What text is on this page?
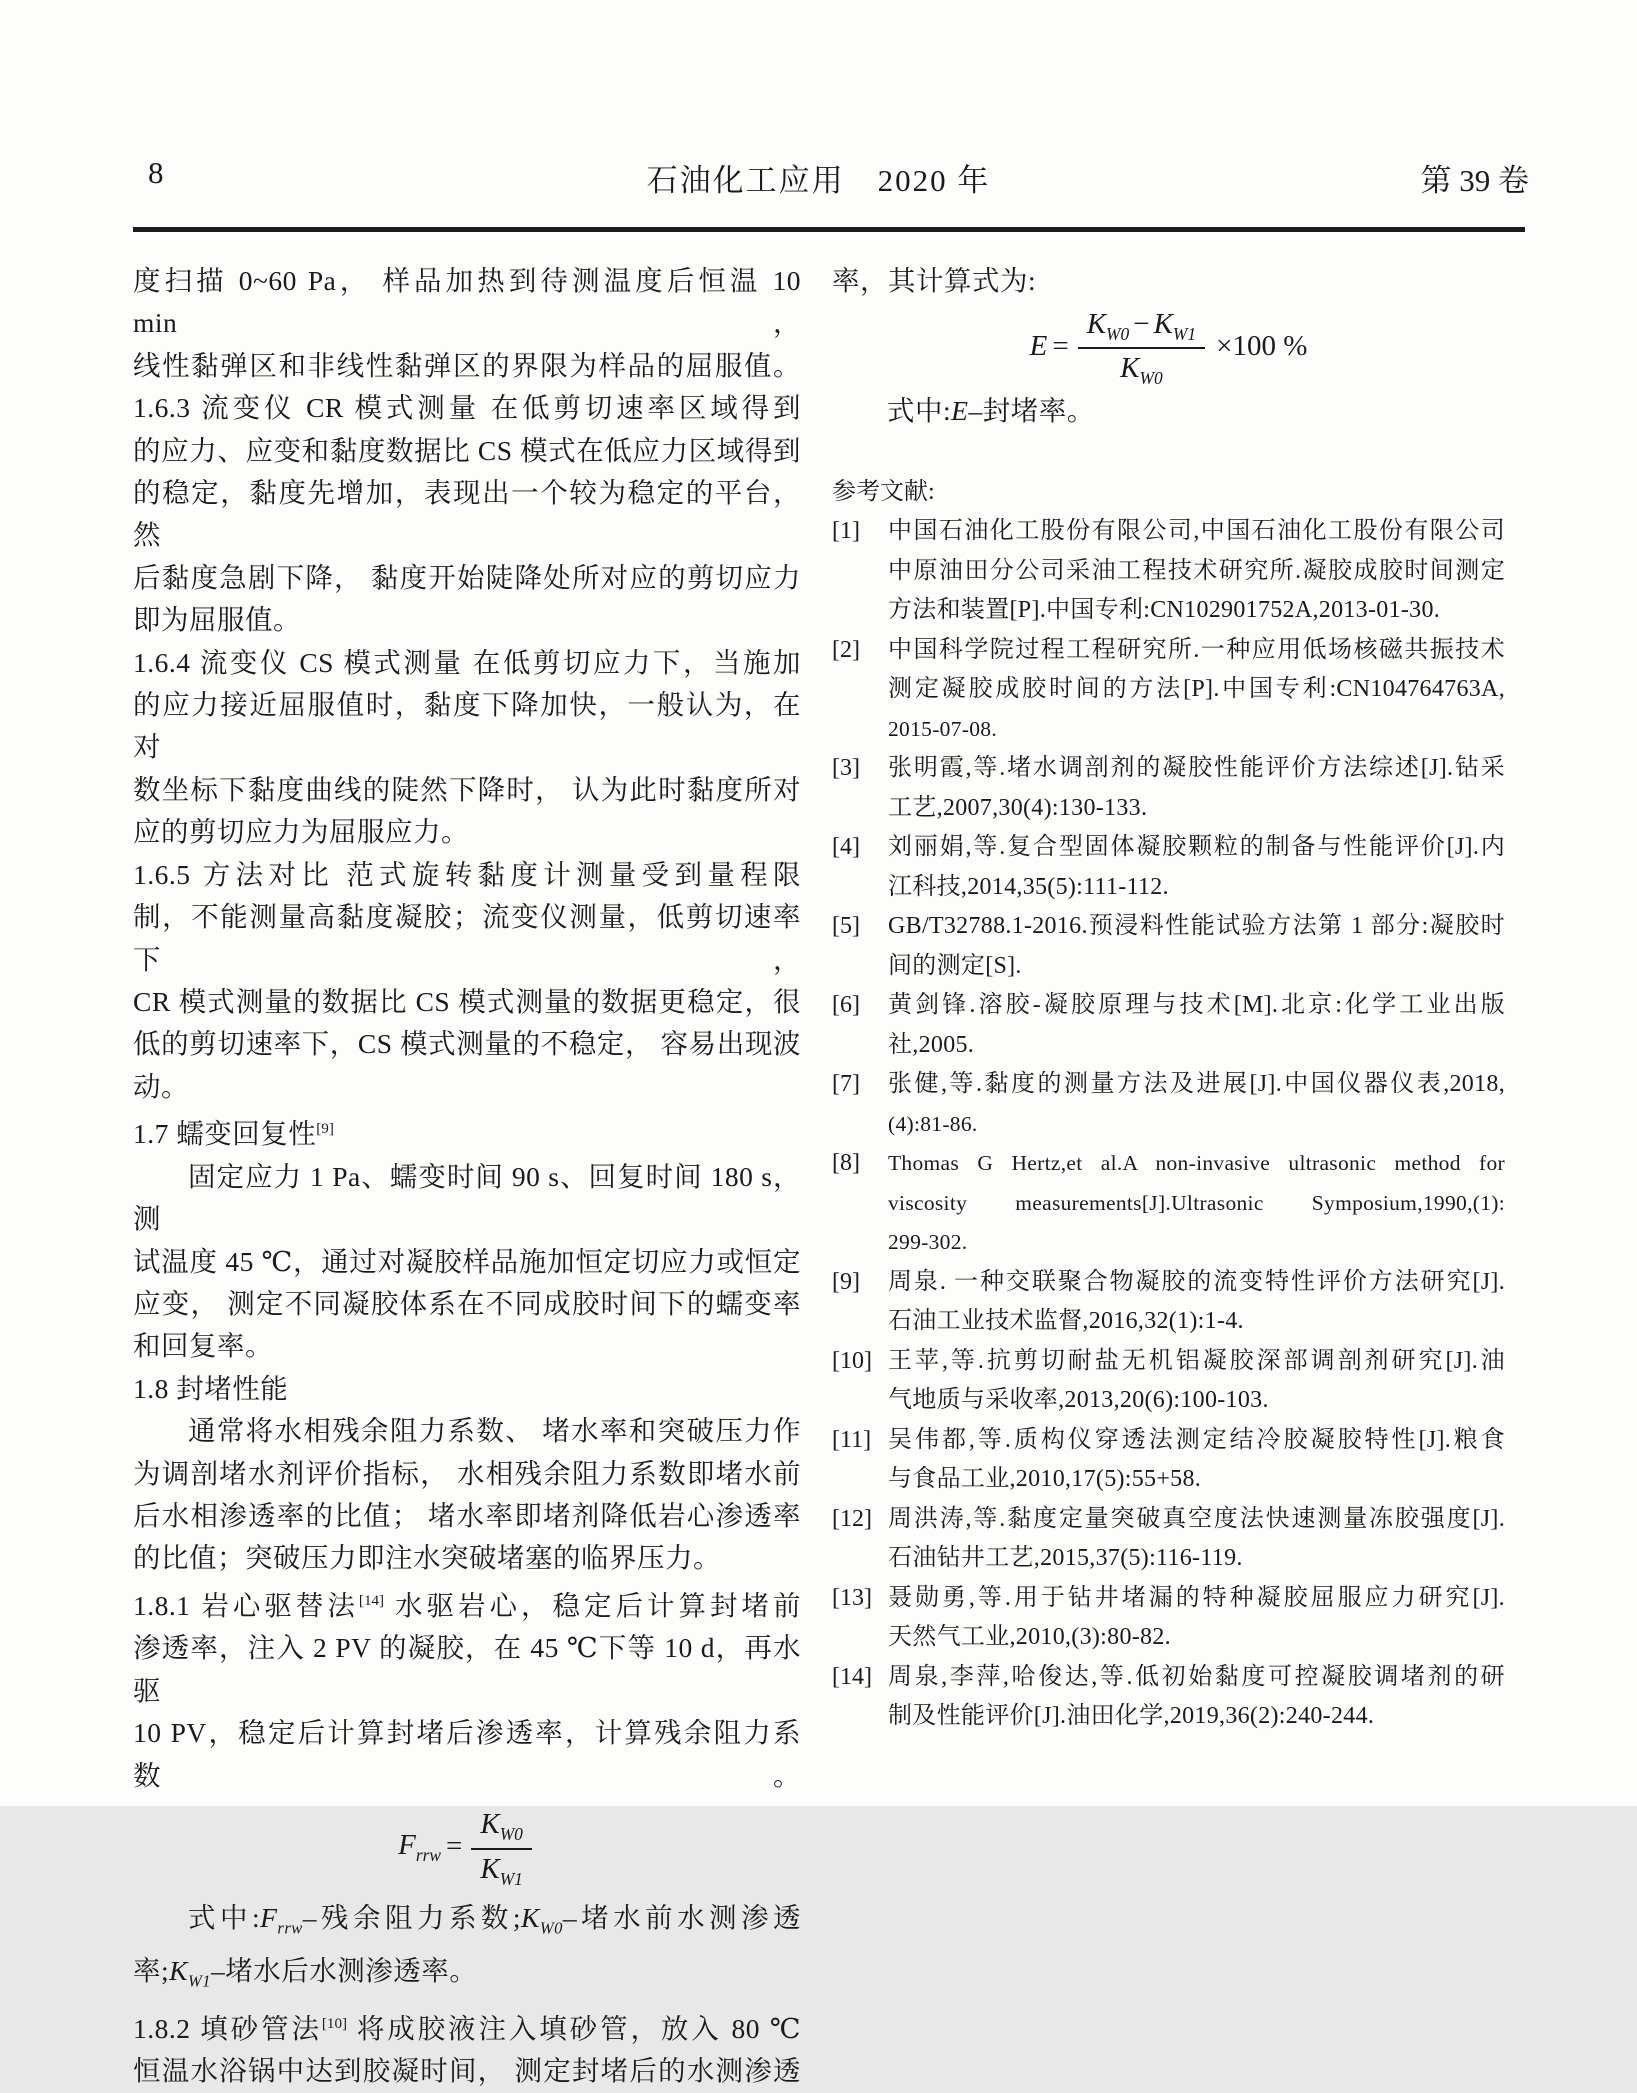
8	石油化工应用　2020 年	第 39 卷
度扫描 0~60 Pa， 样品加热到待测温度后恒温 10 min，
线性黏弹区和非线性黏弹区的界限为样品的屈服值。
1.6.3 流变仪 CR 模式测量 在低剪切速率区域得到
的应力、应变和黏度数据比 CS 模式在低应力区域得到
的稳定，黏度先增加，表现出一个较为稳定的平台，然
后黏度急剧下降， 黏度开始陡降处所对应的剪切应力
即为屈服值。
1.6.4 流变仪 CS 模式测量 在低剪切应力下，当施加
的应力接近屈服值时，黏度下降加快，一般认为，在对
数坐标下黏度曲线的陡然下降时， 认为此时黏度所对
应的剪切应力为屈服应力。
1.6.5 方法对比 范式旋转黏度计测量受到量程限
制，不能测量高黏度凝胶；流变仪测量，低剪切速率下，
CR 模式测量的数据比 CS 模式测量的数据更稳定，很
低的剪切速率下，CS 模式测量的不稳定， 容易出现波
动。
1.7 蠕变回复性[9]
固定应力 1 Pa、蠕变时间 90 s、回复时间 180 s，测
试温度 45 ℃，通过对凝胶样品施加恒定切应力或恒定
应变， 测定不同凝胶体系在不同成胶时间下的蠕变率
和回复率。
1.8 封堵性能
通常将水相残余阻力系数、 堵水率和突破压力作
为调剖堵水剂评价指标， 水相残余阻力系数即堵水前
后水相渗透率的比值； 堵水率即堵剂降低岩心渗透率
的比值；突破压力即注水突破堵塞的临界压力。
1.8.1 岩心驱替法[14] 水驱岩心，稳定后计算封堵前
渗透率，注入 2 PV 的凝胶，在 45 ℃下等 10 d，再水驱
10 PV，稳定后计算封堵后渗透率，计算残余阻力系数。
$F_{rrw} = \frac{K_{W0}}{K_{W1}}$
式中$:F_{rrw}-$残余阻力系数$;K_{W0}-$堵水前水测渗透
率$;K_{W1}-$堵水后水测渗透率。
1.8.2 填砂管法[10] 将成胶液注入填砂管，放入 80 ℃
恒温水浴锅中达到胶凝时间， 测定封堵后的水测渗透
率，其计算式为:
$E = \frac{K_{W0} - K_{W1}}{K_{W0}} \times 100$ %
式中:E–封堵率。
参考文献:
[1] 中国石油化工股份有限公司,中国石油化工股份有限公司
中原油田分公司采油工程技术研究所.凝胶成胶时间测定
方法和装置[P].中国专利:CN102901752A,2013-01-30.
[2] 中国科学院过程工程研究所.一种应用低场核磁共振技术
测定凝胶成胶时间的方法[P].中国专利:CN104764763A,
2015-07-08.
[3] 张明霞,等.堵水调剖剂的凝胶性能评价方法综述[J].钻采
工艺,2007,30(4):130-133.
[4] 刘丽娟,等.复合型固体凝胶颗粒的制备与性能评价[J].内
江科技,2014,35(5):111-112.
[5] GB/T32788.1-2016.预浸料性能试验方法第 1 部分:凝胶时
间的测定[S].
[6] 黄剑锋.溶胶-凝胶原理与技术[M].北京:化学工业出版
社,2005.
[7] 张健,等.黏度的测量方法及进展[J].中国仪器仪表,2018,
(4):81-86.
[8] Thomas G Hertz,et al.A non-invasive ultrasonic method for
viscosity measurements[J].Ultrasonic Symposium,1990,(1):
299-302.
[9] 周泉. 一种交联聚合物凝胶的流变特性评价方法研究[J].
石油工业技术监督,2016,32(1):1-4.
[10] 王苹,等.抗剪切耐盐无机铝凝胶深部调剖剂研究[J].油
气地质与采收率,2013,20(6):100-103.
[11] 吴伟都,等.质构仪穿透法测定结冷胶凝胶特性[J].粮食
与食品工业,2010,17(5):55+58.
[12] 周洪涛,等.黏度定量突破真空度法快速测量冻胶强度[J].
石油钻井工艺,2015,37(5):116-119.
[13] 聂勋勇,等.用于钻井堵漏的特种凝胶屈服应力研究[J].
天然气工业,2010,(3):80-82.
[14] 周泉,李萍,哈俊达,等.低初始黏度可控凝胶调堵剂的研
制及性能评价[J].油田化学,2019,36(2):240-244.
